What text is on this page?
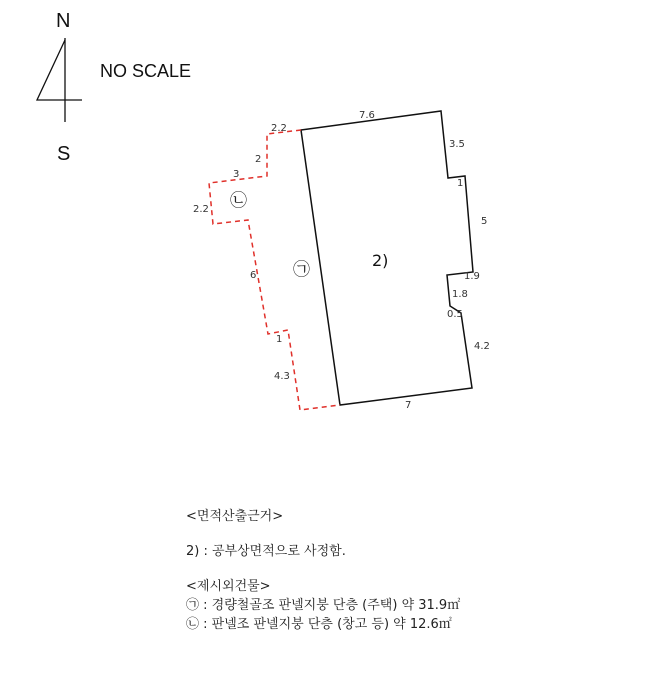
N
S
NO SCALE
2)
㉠
㉡
7.6
3.5
1
5
1.9
1.8
0.5
4.2
7
2.2
2
3
2.2
6
1
4.3
<면적산출근거>
2) : 공부상면적으로 사정함.
<제시외건물>
㉠ : 경량철골조 판넬지붕 단층 (주택) 약 31.9㎡
㉡ : 판넬조 판넬지붕 단층 (창고 등) 약 12.6㎡
